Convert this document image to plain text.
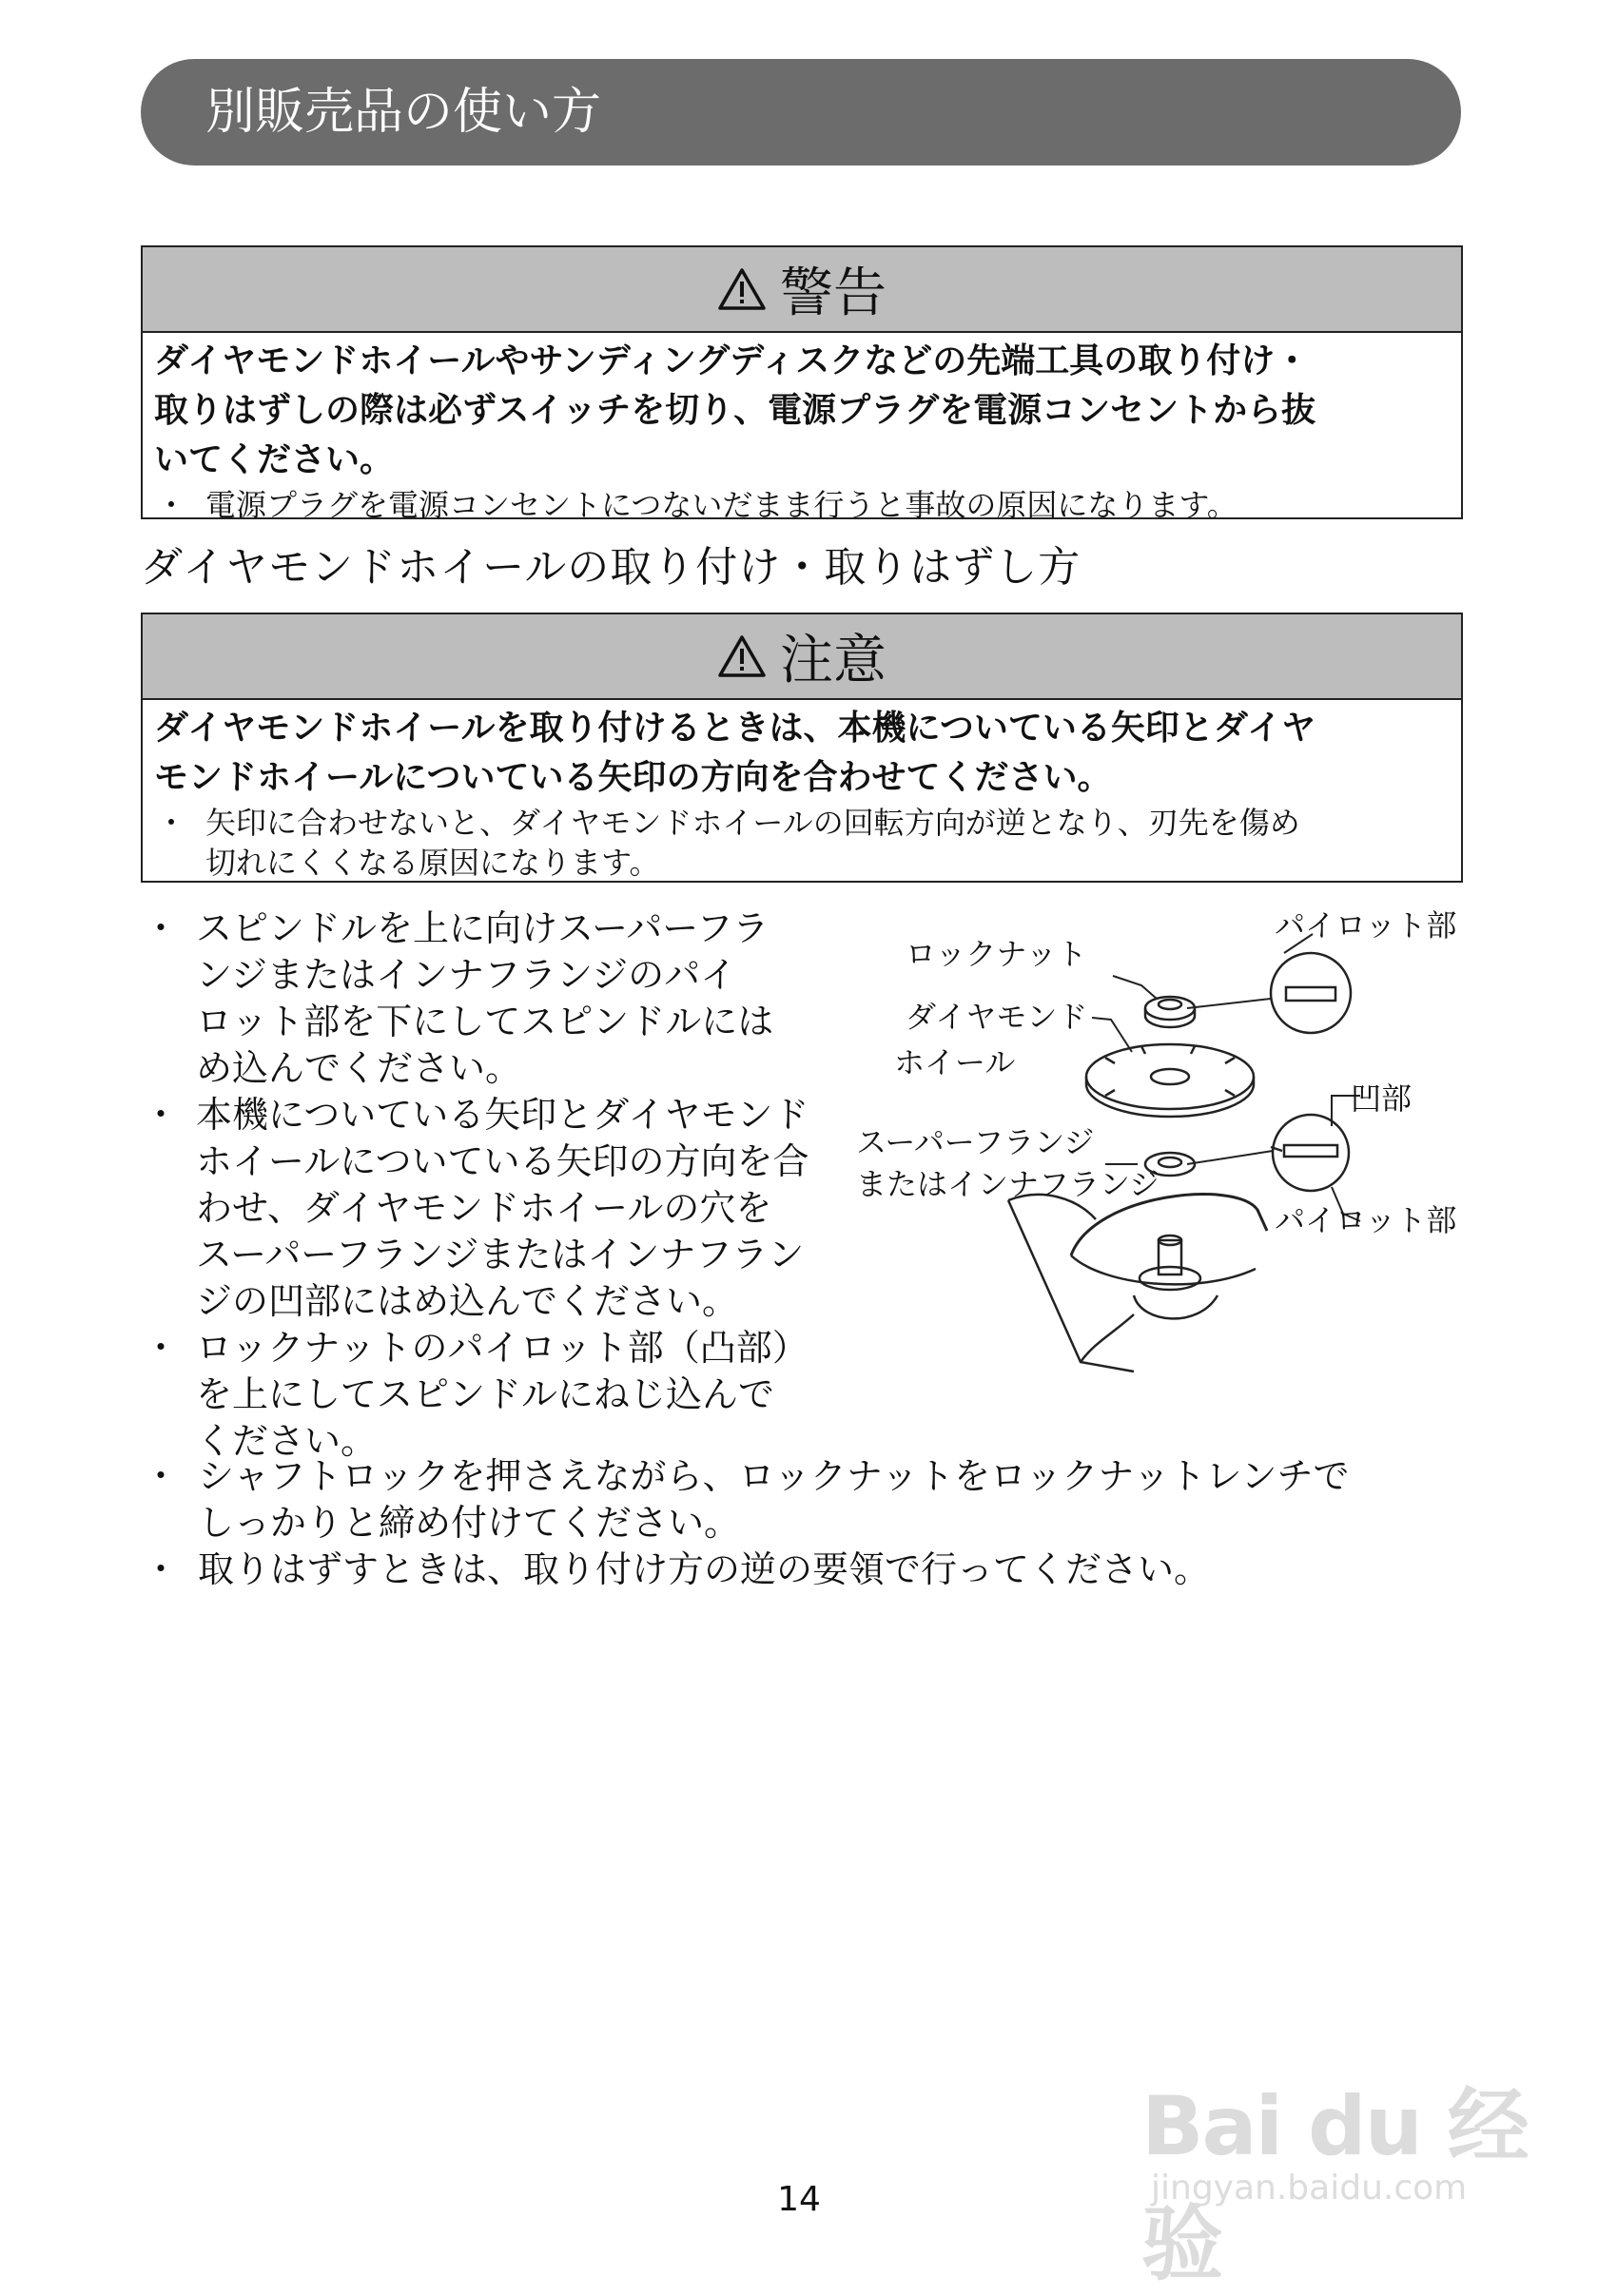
別販売品の使い方
警告
ダイヤモンドホイールやサンディングディスクなどの先端工具の取り付け・
取りはずしの際は必ずスイッチを切り、電源プラグを電源コンセントから抜
いてください。
・ 電源プラグを電源コンセントにつないだまま行うと事故の原因になります。
ダイヤモンドホイールの取り付け・取りはずし方
注意
ダイヤモンドホイールを取り付けるときは、本機についている矢印とダイヤ
モンドホイールについている矢印の方向を合わせてください。
・ 矢印に合わせないと、ダイヤモンドホイールの回転方向が逆となり、刃先を傷め
切れにくくなる原因になります。
・ スピンドルを上に向けスーパーフラ
ンジまたはインナフランジのパイ
ロット部を下にしてスピンドルには
め込んでください。
・ 本機についている矢印とダイヤモンド
ホイールについている矢印の方向を合
わせ、ダイヤモンドホイールの穴を
スーパーフランジまたはインナフラン
ジの凹部にはめ込んでください。
・ ロックナットのパイロット部（凸部）
を上にしてスピンドルにねじ込んで
ください。
・ シャフトロックを押さえながら、ロックナットをロックナットレンチで
しっかりと締め付けてください。
・ 取りはずすときは、取り付け方の逆の要領で行ってください。
ロックナット
パイロット部
ダイヤモンド
ホイール
凹部
スーパーフランジ
またはインナフランジ
パイロット部
14
Bai du 经验
jingyan.baidu.com
